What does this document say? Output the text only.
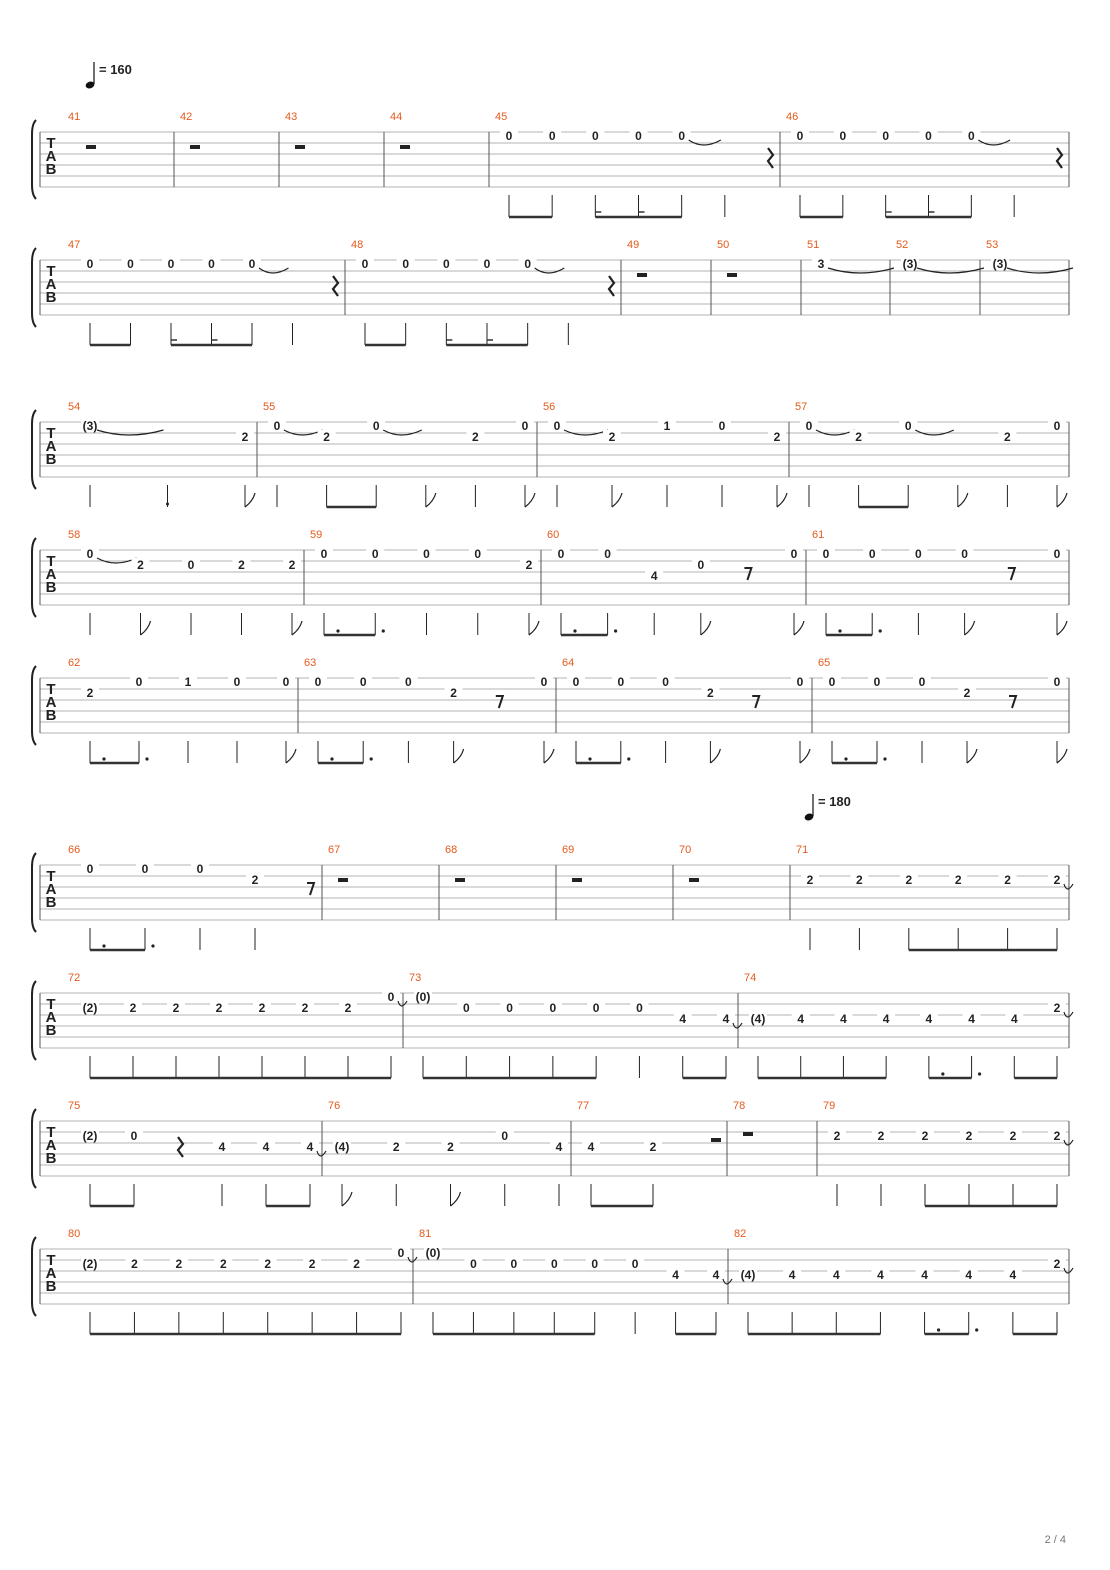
= 160
= 180
T
A
B
41	42	43	44	45
0	0	0	0	0
46
0	0	0	0	0
T
A
B
47
0	0	0	0	0
48
0	0	0	0	0
49	50	51
3
52
(3)
53
(3)
T
A
B
54
(3)
2
55
0
2
0
2
0
56
0
2
1	0
2
57
0
2
0
2
0
T
A
B
58
0
2	0	2	2
59
0	0	0	0
2
60
0	0
4
0
0
61
0	0	0	0	0
T
A
B
62
2
0	1	0	0
63
0	0	0
2
0
64
0	0	0
2
0
65
0	0	0
2
0
T
A
B
66
0	0	0
2
67	68	69	70	71
2	2	2	2	2	2
T
A
B
72
(2)	2	2	2	2	2	2
0
73
(0)
0	0	0	0	0
4	4
74
(4)	4	4	4	4	4	4
2
T
A
B
75
(2)	0
4	4	4
76
(4)	2	2
0
4
77
4	2
78	79
2	2	2	2	2	2
T
A
B
80
(2)	2	2	2	2	2	2
0
81
(0)
0	0	0	0	0
4	4
82
(4)	4	4	4	4	4	4
2
2 / 4
